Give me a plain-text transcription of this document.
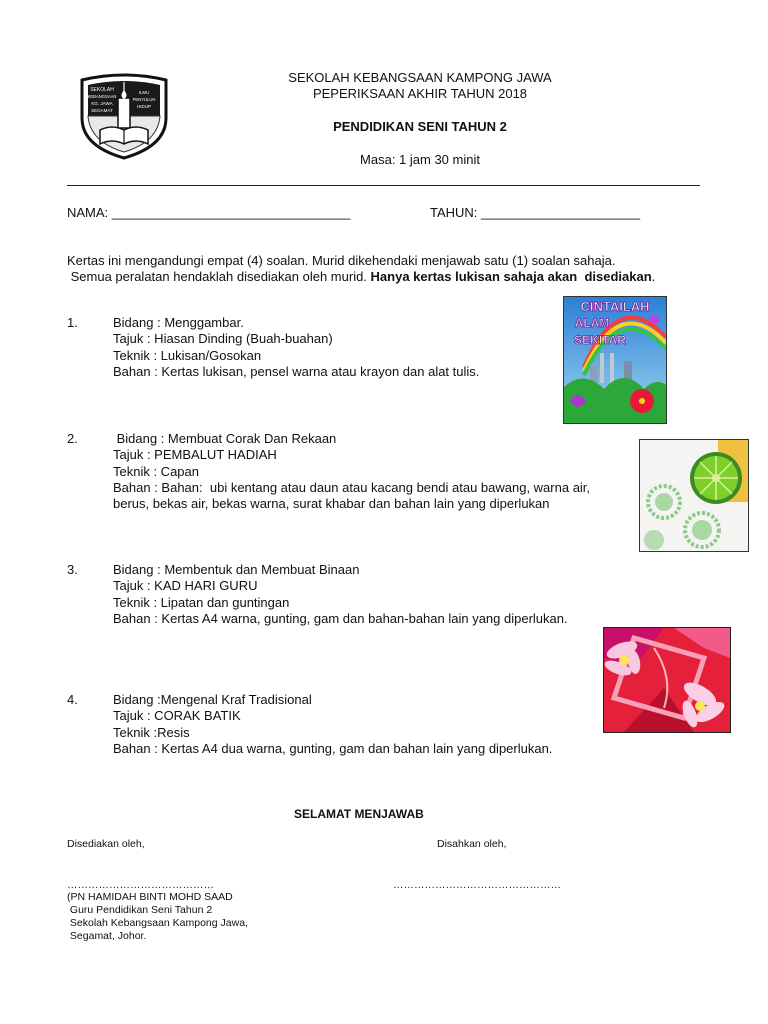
SEKOLAH
KEBANGSAAN
KG. JAWA
SEGAMAT
ILMU
PENYULUH
HIDUP
SEKOLAH KEBANGSAAN KAMPONG JAWA
PEPERIKSAAN AKHIR TAHUN 2018
PENDIDIKAN SENI TAHUN 2
Masa: 1 jam 30 minit
NAMA: _________________________________	TAHUN: ______________________
Kertas ini mengandungi empat (4) soalan. Murid dikehendaki menjawab satu (1) soalan sahaja.
Semua peralatan hendaklah disediakan oleh murid. Hanya kertas lukisan sahaja akan  disediakan.
1.	Bidang : Menggambar.
Tajuk : Hiasan Dinding (Buah-buahan)
Teknik : Lukisan/Gosokan
Bahan : Kertas lukisan, pensel warna atau krayon dan alat tulis.
CINTAILAH
ALAM
SEKITAR
2.	Bidang : Membuat Corak Dan Rekaan
Tajuk : PEMBALUT HADIAH
Teknik : Capan
Bahan : Bahan:  ubi kentang atau daun atau kacang bendi atau bawang, warna air,
berus, bekas air, bekas warna, surat khabar dan bahan lain yang diperlukan
3.	Bidang : Membentuk dan Membuat Binaan
Tajuk : KAD HARI GURU
Teknik : Lipatan dan guntingan
Bahan : Kertas A4 warna, gunting, gam dan bahan-bahan lain yang diperlukan.
4.	Bidang :Mengenal Kraf Tradisional
Tajuk : CORAK BATIK
Teknik :Resis
Bahan : Kertas A4 dua warna, gunting, gam dan bahan lain yang diperlukan.
SELAMAT MENJAWAB
Disediakan oleh,	Disahkan oleh,
……………………………………	…………………………………………
(PN HAMIDAH BINTI MOHD SAAD
Guru Pendidikan Seni Tahun 2
Sekolah Kebangsaan Kampong Jawa,
Segamat, Johor.
